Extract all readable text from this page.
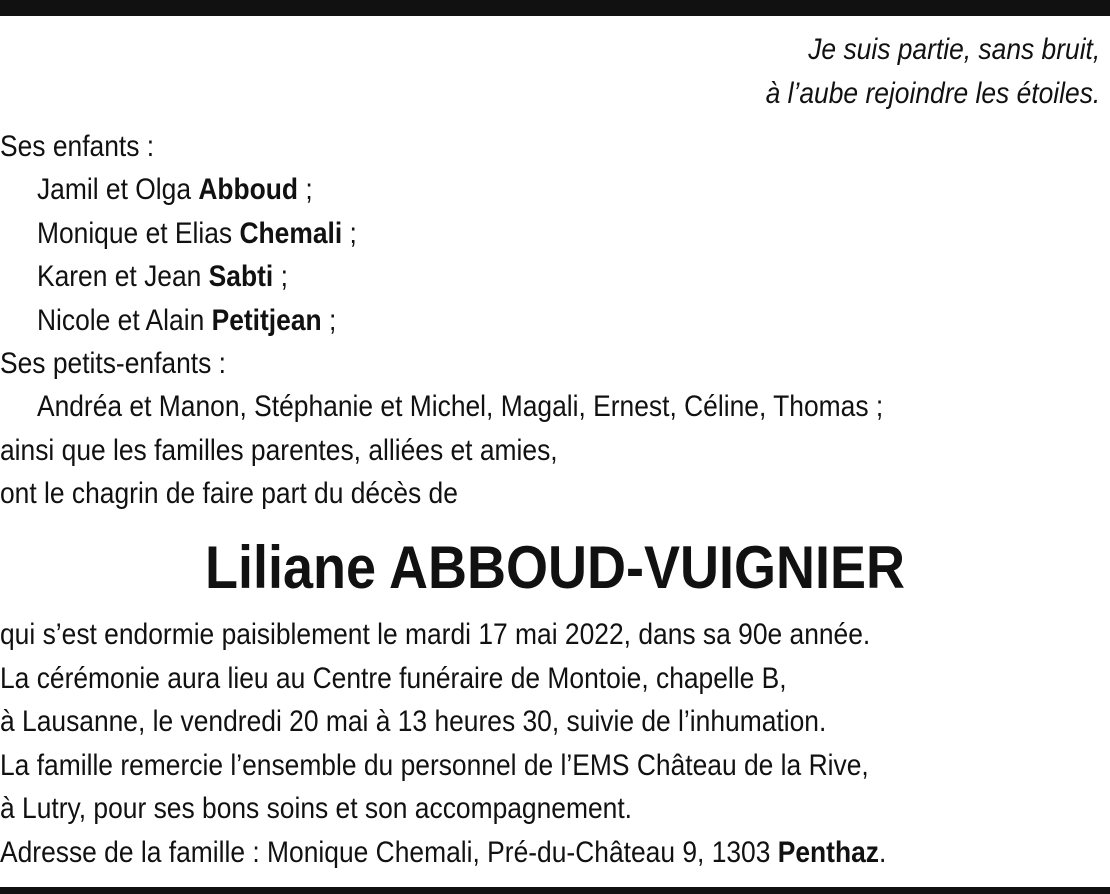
Je suis partie, sans bruit,
à l’aube rejoindre les étoiles.
Ses enfants :
Jamil et Olga Abboud ;
Monique et Elias Chemali ;
Karen et Jean Sabti ;
Nicole et Alain Petitjean ;
Ses petits-enfants :
Andréa et Manon, Stéphanie et Michel, Magali, Ernest, Céline, Thomas ;
ainsi que les familles parentes, alliées et amies,
ont le chagrin de faire part du décès de
Liliane ABBOUD-VUIGNIER
qui s’est endormie paisiblement le mardi 17 mai 2022, dans sa 90e année.
La cérémonie aura lieu au Centre funéraire de Montoie, chapelle B,
à Lausanne, le vendredi 20 mai à 13 heures 30, suivie de l’inhumation.
La famille remercie l’ensemble du personnel de l’EMS Château de la Rive,
à Lutry, pour ses bons soins et son accompagnement.
Adresse de la famille : Monique Chemali, Pré-du-Château 9, 1303 Penthaz.
